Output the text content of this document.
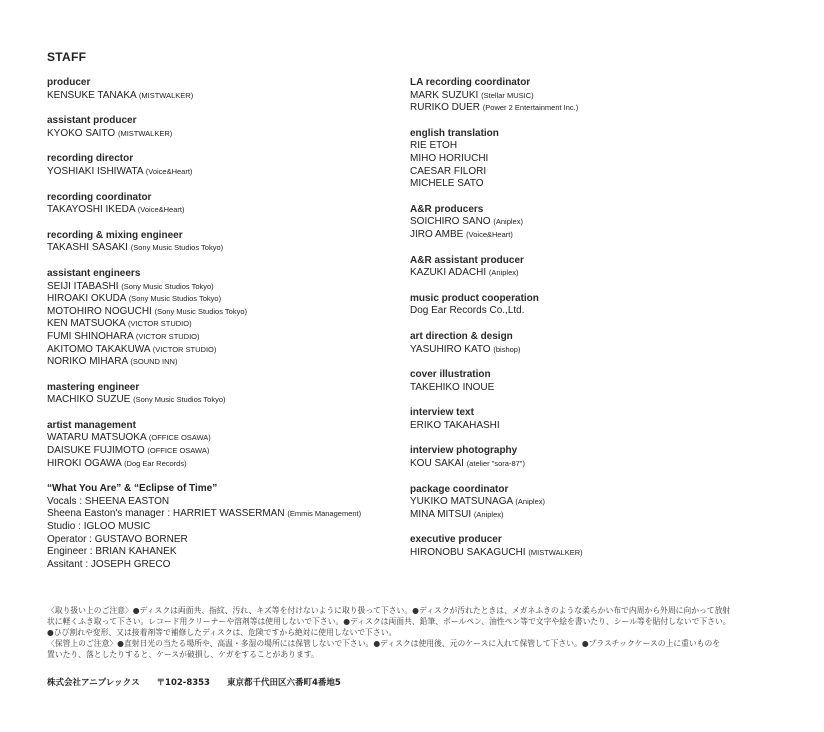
STAFF
producer
KENSUKE TANAKA (MISTWALKER)
assistant producer
KYOKO SAITO (MISTWALKER)
recording director
YOSHIAKI ISHIWATA (Voice&Heart)
recording coordinator
TAKAYOSHI IKEDA (Voice&Heart)
recording & mixing engineer
TAKASHI SASAKI (Sony Music Studios Tokyo)
assistant engineers
SEIJI ITABASHI (Sony Music Studios Tokyo)
HIROAKI OKUDA (Sony Music Studios Tokyo)
MOTOHIRO NOGUCHI (Sony Music Studios Tokyo)
KEN MATSUOKA (VICTOR STUDIO)
FUMI SHINOHARA (VICTOR STUDIO)
AKITOMO TAKAKUWA (VICTOR STUDIO)
NORIKO MIHARA (SOUND INN)
mastering engineer
MACHIKO SUZUE (Sony Music Studios Tokyo)
artist management
WATARU MATSUOKA (OFFICE OSAWA)
DAISUKE FUJIMOTO (OFFICE OSAWA)
HIROKI OGAWA (Dog Ear Records)
“What You Are” & “Eclipse of Time”
Vocals : SHEENA EASTON
Sheena Easton's manager : HARRIET WASSERMAN (Emmis Management)
Studio : IGLOO MUSIC
Operator : GUSTAVO BORNER
Engineer : BRIAN KAHANEK
Assitant : JOSEPH GRECO
LA recording coordinator
MARK SUZUKI (Stellar MUSIC)
RURIKO DUER (Power 2 Entertainment Inc.)
english translation
RIE ETOH
MIHO HORIUCHI
CAESAR FILORI
MICHELE SATO
A&R producers
SOICHIRO SANO (Aniplex)
JIRO AMBE (Voice&Heart)
A&R assistant producer
KAZUKI ADACHI (Aniplex)
music product cooperation
Dog Ear Records Co.,Ltd.
art direction & design
YASUHIRO KATO (bishop)
cover illustration
TAKEHIKO INOUE
interview text
ERIKO TAKAHASHI
interview photography
KOU SAKAI (atelier "sora-87")
package coordinator
YUKIKO MATSUNAGA (Aniplex)
MINA MITSUI (Aniplex)
executive producer
HIRONOBU SAKAGUCHI (MISTWALKER)
〈取り扱い上のご注意〉●ディスクは両面共、指紋、汚れ、キズ等を付けないように取り扱って下さい。●ディスクが汚れたときは、メガネふきのような柔らかい布で内周から外周に向かって放射
状に軽くふき取って下さい。レコード用クリーナーや溶剤等は使用しないで下さい。●ディスクは両面共、鉛筆、ボールペン、油性ペン等で文字や絵を書いたり、シール等を貼付しないで下さい。
●ひび割れや変形、又は接着剤等で補修したディスクは、危険ですから絶対に使用しないで下さい。
〈保管上のご注意〉●直射日光の当たる場所や、高温・多湿の場所には保管しないで下さい。●ディスクは使用後、元のケースに入れて保管して下さい。●プラスチックケースの上に重いものを
置いたり、落としたりすると、ケースが破損し、ケガをすることがあります。
株式会社アニプレックス 〒102-8353 東京都千代田区六番町4番地5
